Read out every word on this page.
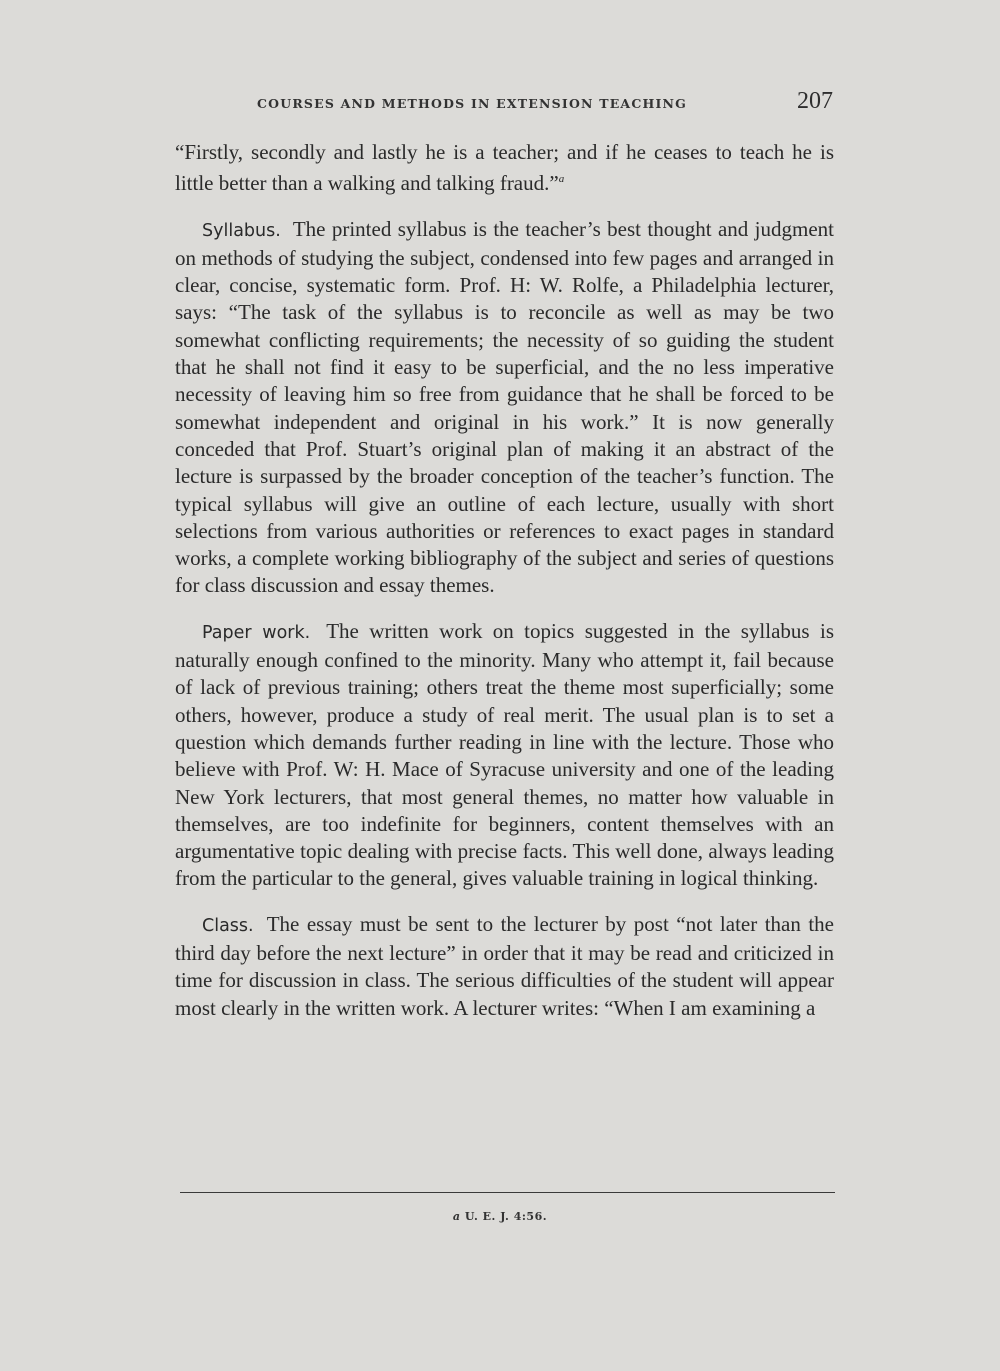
COURSES AND METHODS IN EXTENSION TEACHING	207

“Firstly, secondly and lastly he is a teacher; and if he ceases to teach he is little better than a walking and talking fraud.”$^a$

Syllabus. The printed syllabus is the teacher’s best thought and judgment on methods of studying the subject, condensed into few pages and arranged in clear, concise, systematic form. Prof. H: W. Rolfe, a Philadelphia lecturer, says: “The task of the syllabus is to reconcile as well as may be two somewhat conflicting requirements; the necessity of so guiding the student that he shall not find it easy to be superficial, and the no less imperative necessity of leaving him so free from guidance that he shall be forced to be somewhat independent and original in his work.” It is now generally conceded that Prof. Stuart’s original plan of making it an abstract of the lecture is surpassed by the broader conception of the teacher’s function. The typical syllabus will give an outline of each lecture, usually with short selections from various authorities or references to exact pages in standard works, a complete working bibliography of the subject and series of questions for class discussion and essay themes.

Paper work. The written work on topics suggested in the syllabus is naturally enough confined to the minority. Many who attempt it, fail because of lack of previous training; others treat the theme most superficially; some others, however, produce a study of real merit. The usual plan is to set a question which demands further reading in line with the lecture. Those who believe with Prof. W: H. Mace of Syracuse university and one of the leading New York lecturers, that most general themes, no matter how valuable in themselves, are too indefinite for beginners, content themselves with an argumentative topic dealing with precise facts. This well done, always leading from the particular to the general, gives valuable training in logical thinking.

Class. The essay must be sent to the lecturer by post “not later than the third day before the next lecture” in order that it may be read and criticized in time for discussion in class. The serious difficulties of the student will appear most clearly in the written work. A lecturer writes: “When I am examining a

a U. E. J. 4:56.
